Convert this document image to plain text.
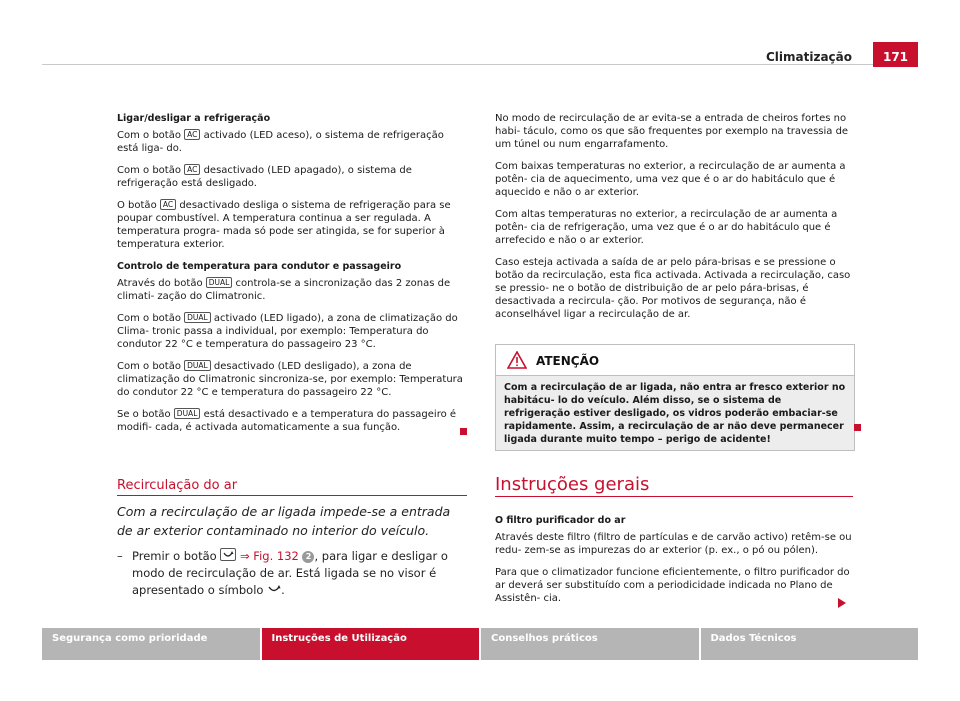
Climatização	171

Ligar/desligar a refrigeração

Com o botão AC activado (LED aceso), o sistema de refrigeração está liga- do.

Com o botão AC desactivado (LED apagado), o sistema de refrigeração está desligado.

O botão AC desactivado desliga o sistema de refrigeração para se poupar combustível. A temperatura continua a ser regulada. A temperatura progra- mada só pode ser atingida, se for superior à temperatura exterior.

Controlo de temperatura para condutor e passageiro

Através do botão DUAL controla-se a sincronização das 2 zonas de climati- zação do Climatronic.

Com o botão DUAL activado (LED ligado), a zona de climatização do Clima- tronic passa a individual, por exemplo: Temperatura do condutor 22 °C e temperatura do passageiro 23 °C.

Com o botão DUAL desactivado (LED desligado), a zona de climatização do Climatronic sincroniza-se, por exemplo: Temperatura do condutor 22 °C e temperatura do passageiro 22 °C.

Se o botão DUAL está desactivado e a temperatura do passageiro é modifi- cada, é activada automaticamente a sua função.

No modo de recirculação de ar evita-se a entrada de cheiros fortes no habi- táculo, como os que são frequentes por exemplo na travessia de um túnel ou num engarrafamento.

Com baixas temperaturas no exterior, a recirculação de ar aumenta a potên- cia de aquecimento, uma vez que é o ar do habitáculo que é aquecido e não o ar exterior.

Com altas temperaturas no exterior, a recirculação de ar aumenta a potên- cia de refrigeração, uma vez que é o ar do habitáculo que é arrefecido e não o ar exterior.

Caso esteja activada a saída de ar pelo pára-brisas e se pressione o botão da recirculação, esta fica activada. Activada a recirculação, caso se pressio- ne o botão de distribuição de ar pelo pára-brisas, é desactivada a recircula- ção. Por motivos de segurança, não é aconselhável ligar a recirculação de ar.

ATENÇÃO
Com a recirculação de ar ligada, não entra ar fresco exterior no habitácu- lo do veículo. Além disso, se o sistema de refrigeração estiver desligado, os vidros poderão embaciar-se rapidamente. Assim, a recirculação de ar não deve permanecer ligada durante muito tempo – perigo de acidente!
Recirculação do ar
Com a recirculação de ar ligada impede-se a entrada de ar exterior contaminado no interior do veículo.
– Premir o botão ⇒ Fig. 132 2 , para ligar e desligar o modo de recirculação de ar. Está ligada se no visor é apresentado o símbolo .
Instruções gerais

O filtro purificador do ar

Através deste filtro (filtro de partículas e de carvão activo) retêm-se ou redu- zem-se as impurezas do ar exterior (p. ex., o pó ou pólen).

Para que o climatizador funcione eficientemente, o filtro purificador do ar deverá ser substituído com a periodicidade indicada no Plano de Assistên- cia.

Segurança como prioridade	Instruções de Utilização	Conselhos práticos	Dados Técnicos
